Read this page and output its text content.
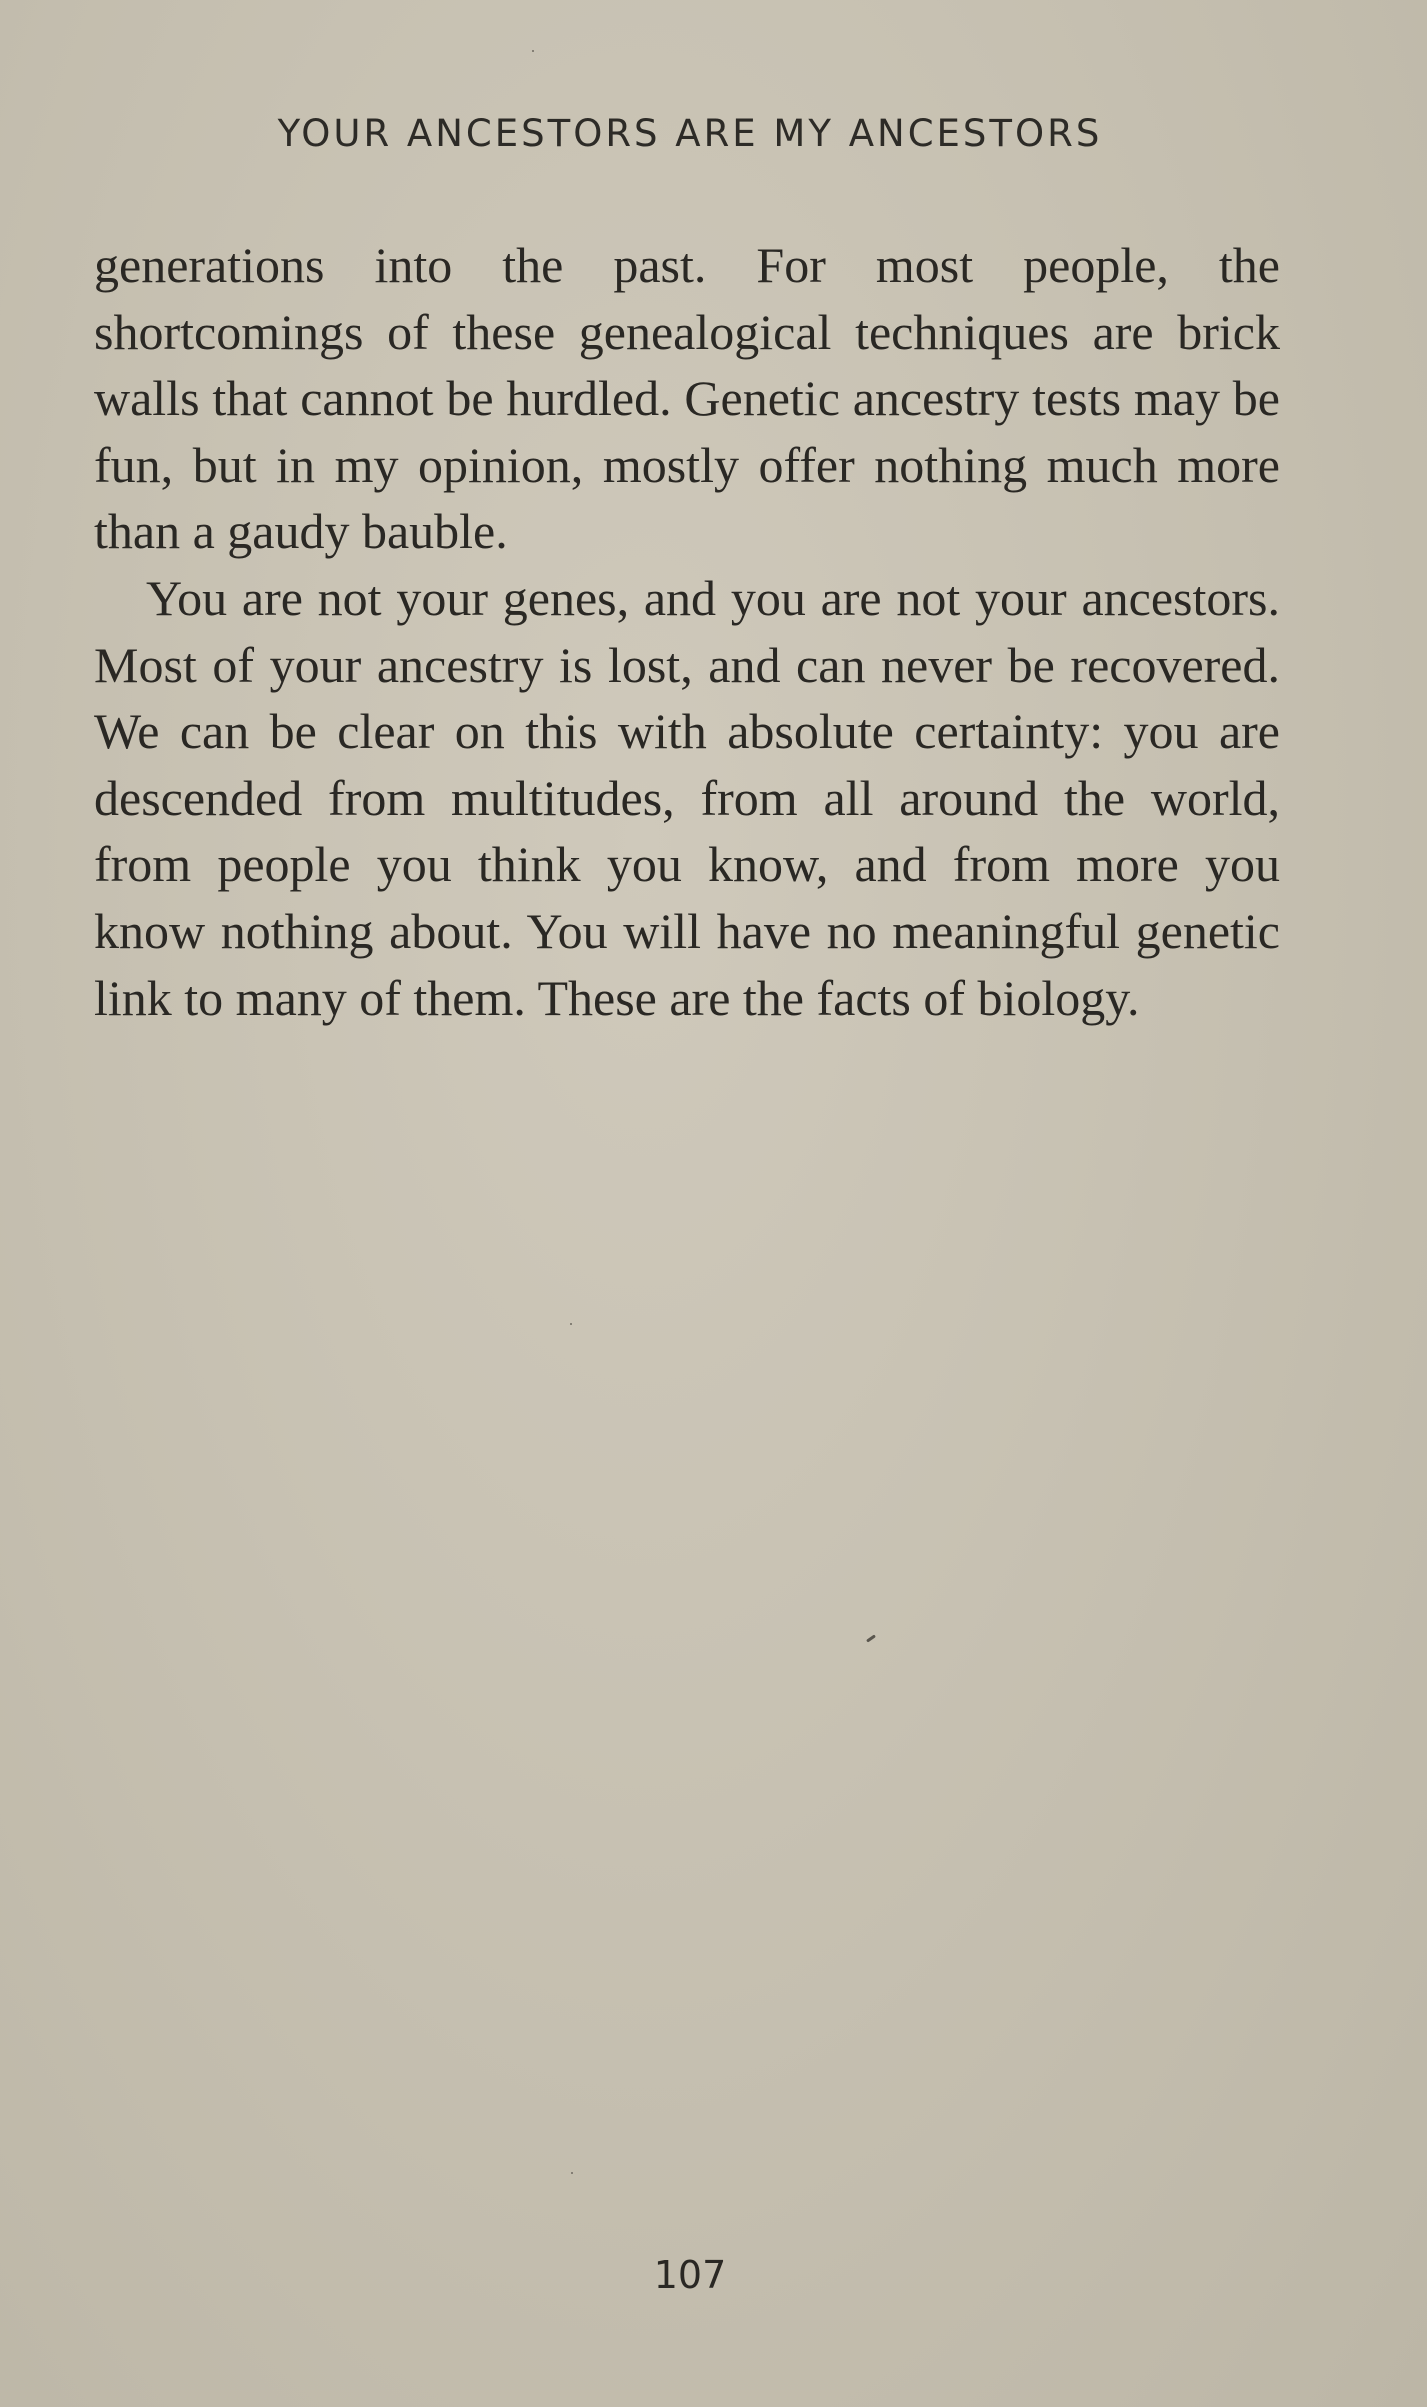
YOUR ANCESTORS ARE MY ANCESTORS

generations into the past. For most people, the shortcomings of these genealogical techniques are brick walls that cannot be hurdled. Genetic ancestry tests may be fun, but in my opinion, mostly offer nothing much more than a gaudy bauble.

You are not your genes, and you are not your ancestors. Most of your ancestry is lost, and can never be recovered. We can be clear on this with absolute certainty: you are descended from multitudes, from all around the world, from people you think you know, and from more you know nothing about. You will have no meaningful genetic link to many of them. These are the facts of biology.

107
